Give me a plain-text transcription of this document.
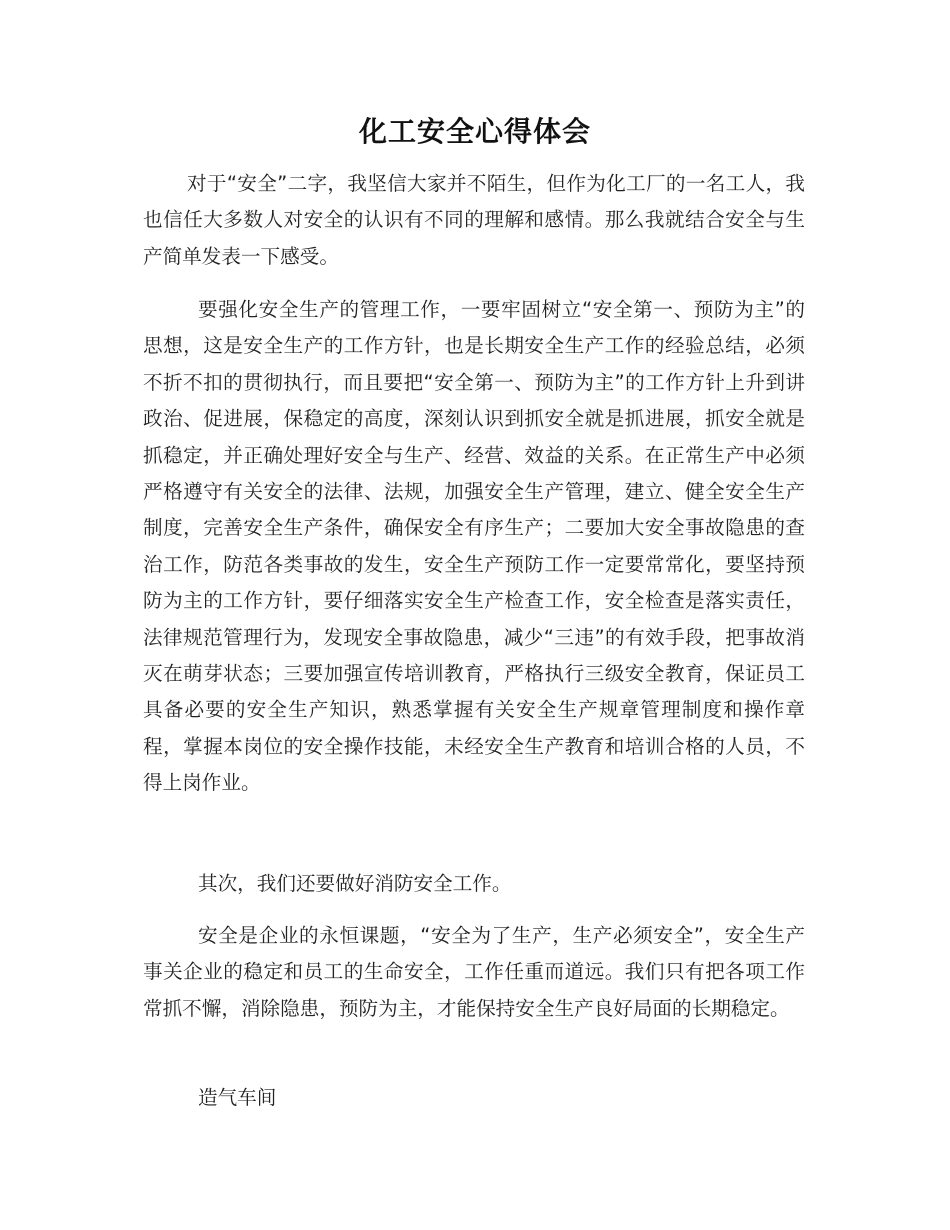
化工安全心得体会

对于“安全”二字，我坚信大家并不陌生，但作为化工厂的一名工人，我也信任大多数人对安全的认识有不同的理解和感情。那么我就结合安全与生产简单发表一下感受。

要强化安全生产的管理工作，一要牢固树立“安全第一、预防为主”的思想，这是安全生产的工作方针，也是长期安全生产工作的经验总结，必须不折不扣的贯彻执行，而且要把“安全第一、预防为主”的工作方针上升到讲政治、促进展，保稳定的高度，深刻认识到抓安全就是抓进展，抓安全就是抓稳定，并正确处理好安全与生产、经营、效益的关系。在正常生产中必须严格遵守有关安全的法律、法规，加强安全生产管理，建立、健全安全生产制度，完善安全生产条件，确保安全有序生产；二要加大安全事故隐患的查治工作，防范各类事故的发生，安全生产预防工作一定要常常化，要坚持预防为主的工作方针，要仔细落实安全生产检查工作，安全检查是落实责任，法律规范管理行为，发现安全事故隐患，减少“三违”的有效手段，把事故消灭在萌芽状态；三要加强宣传培训教育，严格执行三级安全教育，保证员工具备必要的安全生产知识，熟悉掌握有关安全生产规章管理制度和操作章程，掌握本岗位的安全操作技能，未经安全生产教育和培训合格的人员，不得上岗作业。

其次，我们还要做好消防安全工作。

安全是企业的永恒课题，“安全为了生产，生产必须安全”，安全生产事关企业的稳定和员工的生命安全，工作任重而道远。我们只有把各项工作常抓不懈，消除隐患，预防为主，才能保持安全生产良好局面的长期稳定。

造气车间
